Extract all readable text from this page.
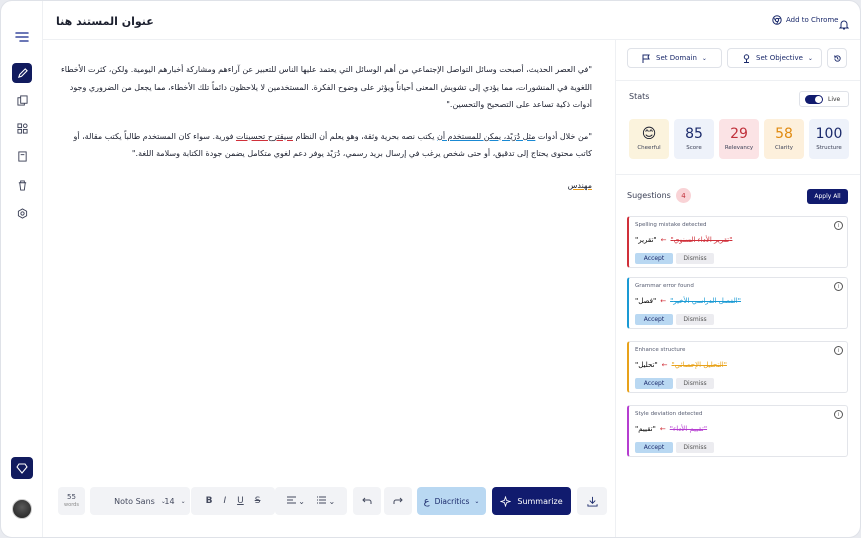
عنوان المستند هنا	Add to Chrome

"في العصر الحديث، أصبحت وسائل التواصل الإجتماعي من أهم الوسائل التي يعتمد عليها الناس للتعبير عن آراءهم ومشاركة أخبارهم اليومية. ولكن، كثرت الأخطاء اللغوية في المنشورات، مما يؤدي إلى تشويش المعنى أحياناً ويؤثر على وضوح الفكرة. المستخدمين لا يلاحظون دائماً تلك الأخطاء، مما يجعل من الضروري وجود أدوات ذكية تساعد على التصحيح والتحسين."

"من خلال أدوات مثل دُرَيْد، يمكن للمستخدم أن يكتب نصه بحرية وثقة، وهو يعلم أن النظام سيقترح تحسينات فورية. سواء كان المستخدم طالباً يكتب مقالة، أو كاتب محتوى يحتاج إلى تدقيق، أو حتى شخص يرغب في إرسال بريد رسمي، دُرَيْد يوفر دعم لغوي متكامل يضمن جودة الكتابة وسلامة اللغة."

مهندس
55
words	Noto Sans ⌄
14 ⌄ B I U S	⌄	⌄	ع Diacritics ⌄	Summarize
Set Domain ⌄	Set Objective ⌄
Stats	Live
😊
Cheerful
85
Score
29
Relevancy
58
Clarity
100
Structure
Sugestions	4	Apply All
Spelling mistake detected	i
"تقرير" ← "تقرير الأداء السنوي"
Accept	Dismiss
Grammar error found	i
"فصل" ← "الفصل الدراسي الأخير"
Accept	Dismiss
Enhance structure	i
"تحليل" ← "التحليل الإحصائي"
Accept	Dismiss
Style deviation detected	i
"تقييم" ← "تقييم الأداء"
Accept	Dismiss
